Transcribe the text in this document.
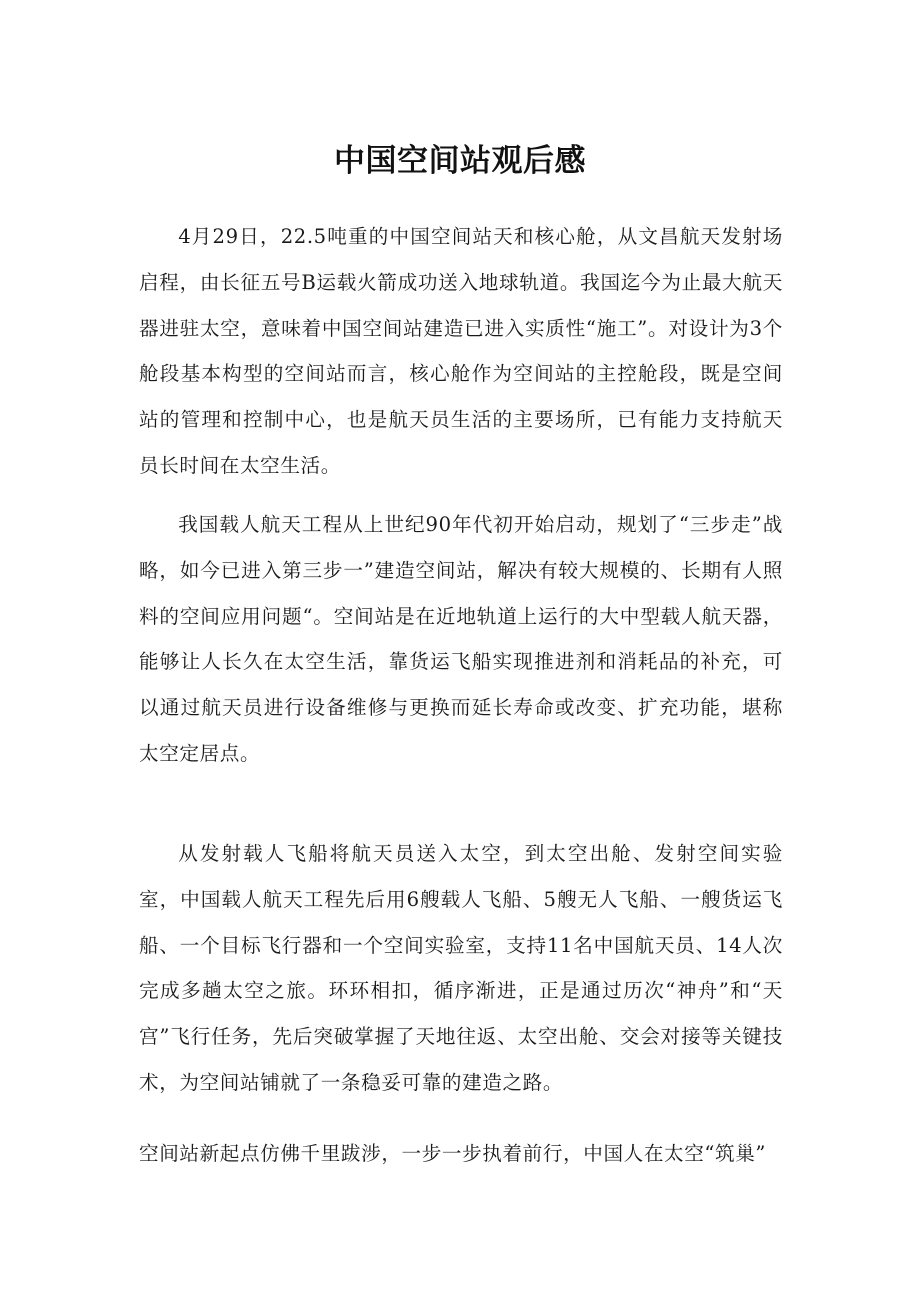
中国空间站观后感

4月29日，22.5吨重的中国空间站天和核心舱，从文昌航天发射场启程，由长征五号B运载火箭成功送入地球轨道。我国迄今为止最大航天器进驻太空，意味着中国空间站建造已进入实质性“施工”。对设计为3个舱段基本构型的空间站而言，核心舱作为空间站的主控舱段，既是空间站的管理和控制中心，也是航天员生活的主要场所，已有能力支持航天员长时间在太空生活。

我国载人航天工程从上世纪90年代初开始启动，规划了“三步走”战略，如今已进入第三步一”建造空间站，解决有较大规模的、长期有人照料的空间应用问题“。空间站是在近地轨道上运行的大中型载人航天器，能够让人长久在太空生活，靠货运飞船实现推进剂和消耗品的补充，可以通过航天员进行设备维修与更换而延长寿命或改变、扩充功能，堪称太空定居点。

从发射载人飞船将航天员送入太空，到太空出舱、发射空间实验室，中国载人航天工程先后用6艘载人飞船、5艘无人飞船、一艘货运飞船、一个目标飞行器和一个空间实验室，支持11名中国航天员、14人次完成多趟太空之旅。环环相扣，循序渐进，正是通过历次“神舟”和“天宫”飞行任务，先后突破掌握了天地往返、太空出舱、交会对接等关键技术，为空间站铺就了一条稳妥可靠的建造之路。

空间站新起点仿佛千里跋涉，一步一步执着前行，中国人在太空“筑巢”
